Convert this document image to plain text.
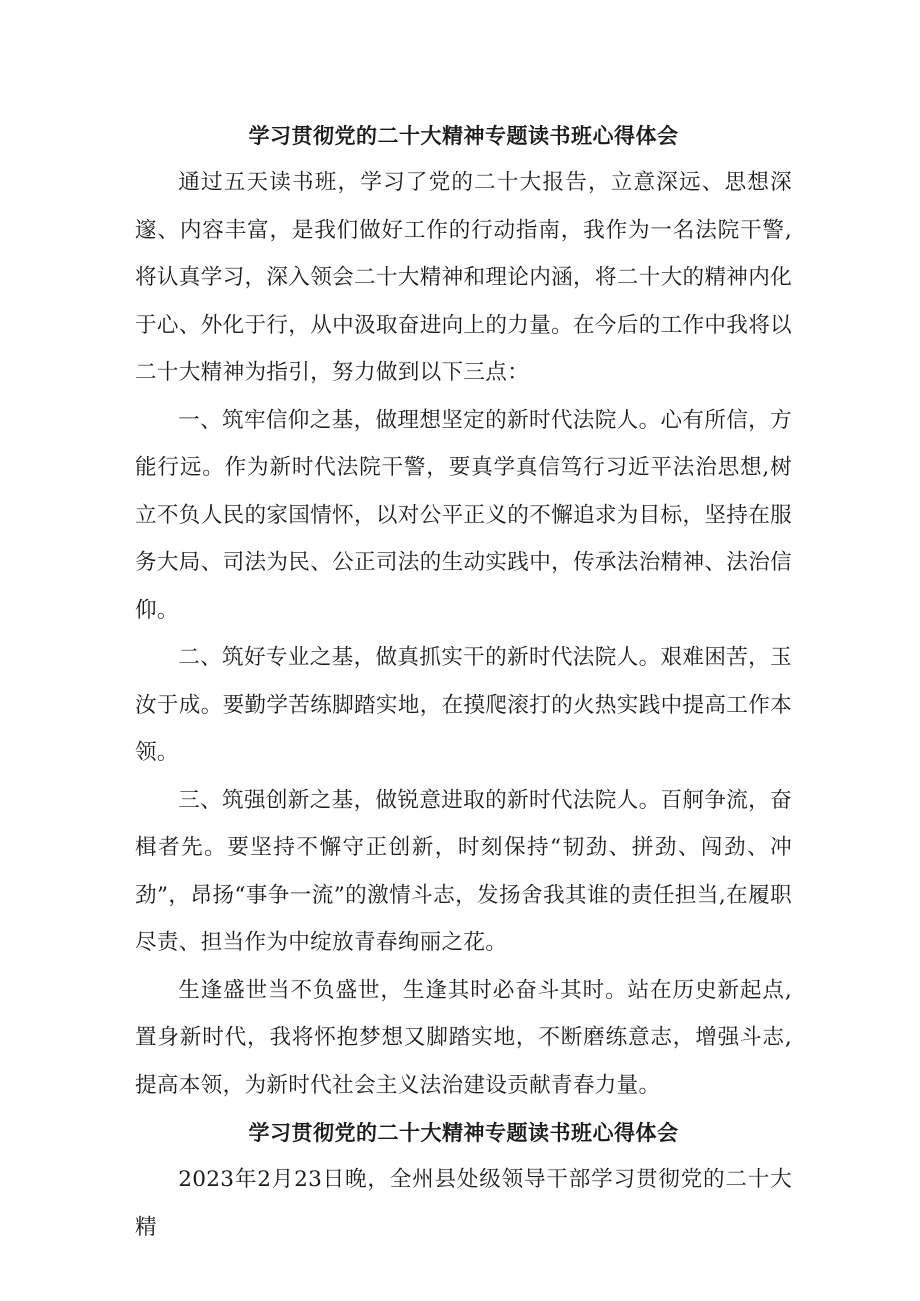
学习贯彻党的二十大精神专题读书班心得体会

通过五天读书班，学习了党的二十大报告，立意深远、思想深邃、内容丰富，是我们做好工作的行动指南，我作为一名法院干警,将认真学习，深入领会二十大精神和理论内涵，将二十大的精神内化于心、外化于行，从中汲取奋进向上的力量。在今后的工作中我将以二十大精神为指引，努力做到以下三点：

一、筑牢信仰之基，做理想坚定的新时代法院人。心有所信，方能行远。作为新时代法院干警，要真学真信笃行习近平法治思想,树立不负人民的家国情怀，以对公平正义的不懈追求为目标，坚持在服务大局、司法为民、公正司法的生动实践中，传承法治精神、法治信仰。

二、筑好专业之基，做真抓实干的新时代法院人。艰难困苦，玉汝于成。要勤学苦练脚踏实地，在摸爬滚打的火热实践中提高工作本领。

三、筑强创新之基，做锐意进取的新时代法院人。百舸争流，奋楫者先。要坚持不懈守正创新，时刻保持“韧劲、拼劲、闯劲、冲劲”，昂扬“事争一流”的激情斗志，发扬舍我其谁的责任担当,在履职尽责、担当作为中绽放青春绚丽之花。

生逢盛世当不负盛世，生逢其时必奋斗其时。站在历史新起点,置身新时代，我将怀抱梦想又脚踏实地，不断磨练意志，增强斗志,提高本领，为新时代社会主义法治建设贡献青春力量。

学习贯彻党的二十大精神专题读书班心得体会

2023年2月23日晚，全州县处级领导干部学习贯彻党的二十大精
